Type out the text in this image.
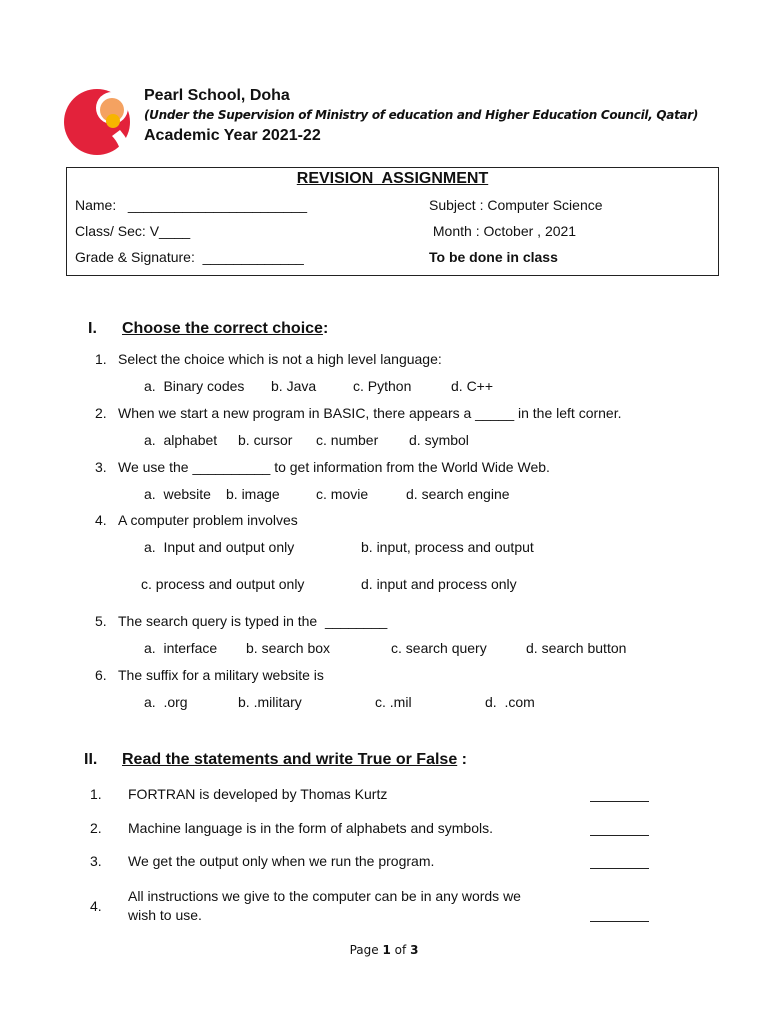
Pearl School, Doha
(Under the Supervision of Ministry of education and Higher Education Council, Qatar)
Academic Year 2021-22
REVISION  ASSIGNMENT
Name:   _______________________
Class/ Sec: V____
Grade & Signature:  _____________
Subject : Computer Science
Month : October , 2021
To be done in class
I. Choose the correct choice:
1. Select the choice which is not a high level language:
a.  Binary codes b. Java	c. Python	d. C++
2. When we start a new program in BASIC, there appears a _____ in the left corner.
a.  alphabet b. cursor c. number d. symbol
3. We use the __________ to get information from the World Wide Web.
a.  website b. image	c. movie	d. search engine
4. A computer problem involves
a.  Input and output only	b. input, process and output
c. process and output only	d. input and process only
5. The search query is typed in the  ________
a.  interface b. search box	c. search query	d. search button
6. The suffix for a military website is
a.  .org	b. .military	c. .mil	d.  .com
II. Read the statements and write True or False :
1. FORTRAN is developed by Thomas Kurtz
2. Machine language is in the form of alphabets and symbols.
3. We get the output only when we run the program.
4.
All instructions we give to the computer can be in any words we
wish to use.
Page 1 of 3
